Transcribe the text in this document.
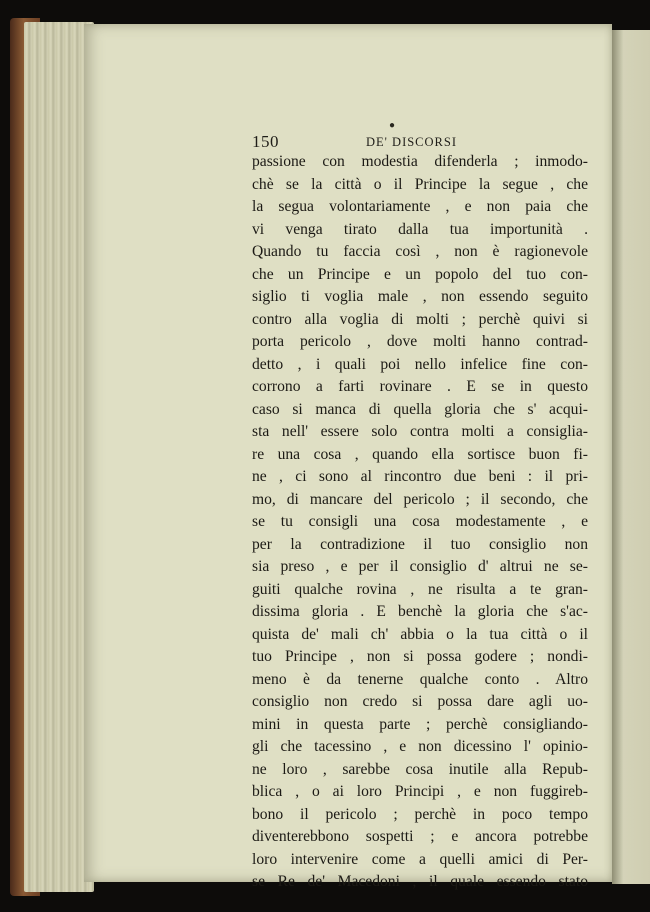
●
150	DE' DISCORSI
passione con modestia difenderla ; inmodo-
chè se la città o il Principe la segue , che
la segua volontariamente , e non paia che
vi venga tirato dalla tua importunità .
Quando tu faccia così , non è ragionevole
che un Principe e un popolo del tuo con-
siglio ti voglia male , non essendo seguito
contro alla voglia di molti ; perchè quivi si
porta pericolo , dove molti hanno contrad-
detto , i quali poi nello infelice fine con-
corrono a farti rovinare . E se in questo
caso si manca di quella gloria che s' acqui-
sta nell' essere solo contra molti a consiglia-
re una cosa , quando ella sortisce buon fi-
ne , ci sono al rincontro due beni : il pri-
mo, di mancare del pericolo ; il secondo, che
se tu consigli una cosa modestamente , e
per la contradizione il tuo consiglio non
sia preso , e per il consiglio d' altrui ne se-
guiti qualche rovina , ne risulta a te gran-
dissima gloria . E benchè la gloria che s'ac-
quista de' mali ch' abbia o la tua città o il
tuo Principe , non si possa godere ; nondi-
meno è da tenerne qualche conto . Altro
consiglio non credo si possa dare agli uo-
mini in questa parte ; perchè consigliando-
gli che tacessino , e non dicessino l' opinio-
ne loro , sarebbe cosa inutile alla Repub-
blica , o ai loro Principi , e non fuggireb-
bono il pericolo ; perchè in poco tempo
diventerebbono sospetti ; e ancora potrebbe
loro intervenire come a quelli amici di Per-
se Re de' Macedoni , il quale essendo stato
